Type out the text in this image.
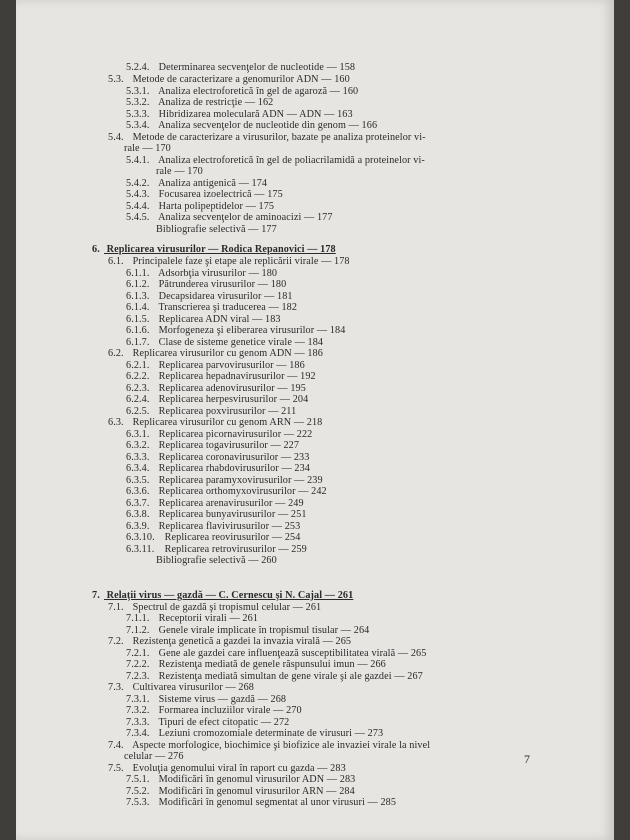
5.2.4. Determinarea secvenţelor de nucleotide — 158
5.3. Metode de caracterizare a genomurilor ADN — 160
5.3.1. Analiza electroforetică în gel de agaroză — 160
5.3.2. Analiza de restricţie — 162
5.3.3. Hibridizarea moleculară ADN — ADN — 163
5.3.4. Analiza secvenţelor de nucleotide din genom — 166
5.4. Metode de caracterizare a virusurilor, bazate pe analiza proteinelor vi-
rale — 170
5.4.1. Analiza electroforetică în gel de poliacrilamidă a proteinelor vi-
rale — 170
5.4.2. Analiza antigenică — 174
5.4.3. Focusarea izoelectrică — 175
5.4.4. Harta polipeptidelor — 175
5.4.5. Analiza secvenţelor de aminoacizi — 177
Bibliografie selectivă — 177
6. Replicarea virusurilor — Rodica Repanovici — 178
6.1. Principalele faze şi etape ale replicării virale — 178
6.1.1. Adsorbţia virusurilor — 180
6.1.2. Pătrunderea virusurilor — 180
6.1.3. Decapsidarea virusurilor — 181
6.1.4. Transcrierea şi traducerea — 182
6.1.5. Replicarea ADN viral — 183
6.1.6. Morfogeneza şi eliberarea virusurilor — 184
6.1.7. Clase de sisteme genetice virale — 184
6.2. Replicarea virusurilor cu genom ADN — 186
6.2.1. Replicarea parvovirusurilor — 186
6.2.2. Replicarea hepadnavirusurilor — 192
6.2.3. Replicarea adenovirusurilor — 195
6.2.4. Replicarea herpesvirusurilor — 204
6.2.5. Replicarea poxvirusurilor — 211
6.3. Replicarea virusurilor cu genom ARN — 218
6.3.1. Replicarea picornavirusurilor — 222
6.3.2. Replicarea togavirusurilor — 227
6.3.3. Replicarea coronavirusurilor — 233
6.3.4. Replicarea rhabdovirusurilor — 234
6.3.5. Replicarea paramyxovirusurilor — 239
6.3.6. Replicarea orthomyxovirusurilor — 242
6.3.7. Replicarea arenavirusurilor — 249
6.3.8. Replicarea bunyavirusurilor — 251
6.3.9. Replicarea flavivirusurilor — 253
6.3.10. Replicarea reovirusurilor — 254
6.3.11. Replicarea retrovirusurilor — 259
Bibliografie selectivă — 260
7. Relaţii virus — gazdă — C. Cernescu şi N. Cajal — 261
7.1. Spectrul de gazdă şi tropismul celular — 261
7.1.1. Receptorii virali — 261
7.1.2. Genele virale implicate în tropismul tisular — 264
7.2. Rezistenţa genetică a gazdei la invazia virală — 265
7.2.1. Gene ale gazdei care influenţează susceptibilitatea virală — 265
7.2.2. Rezistenţa mediată de genele răspunsului imun — 266
7.2.3. Rezistenţa mediată simultan de gene virale şi ale gazdei — 267
7.3. Cultivarea virusurilor — 268
7.3.1. Sisteme virus — gazdă — 268
7.3.2. Formarea incluziilor virale — 270
7.3.3. Tipuri de efect citopatic — 272
7.3.4. Leziuni cromozomiale determinate de virusuri — 273
7.4. Aspecte morfologice, biochimice şi biofizice ale invaziei virale la nivel
celular — 276
7.5. Evoluţia genomului viral în raport cu gazda — 283
7.5.1. Modificări în genomul virusurilor ADN — 283
7.5.2. Modificări în genomul virusurilor ARN — 284
7.5.3. Modificări în genomul segmentat al unor virusuri — 285
7
